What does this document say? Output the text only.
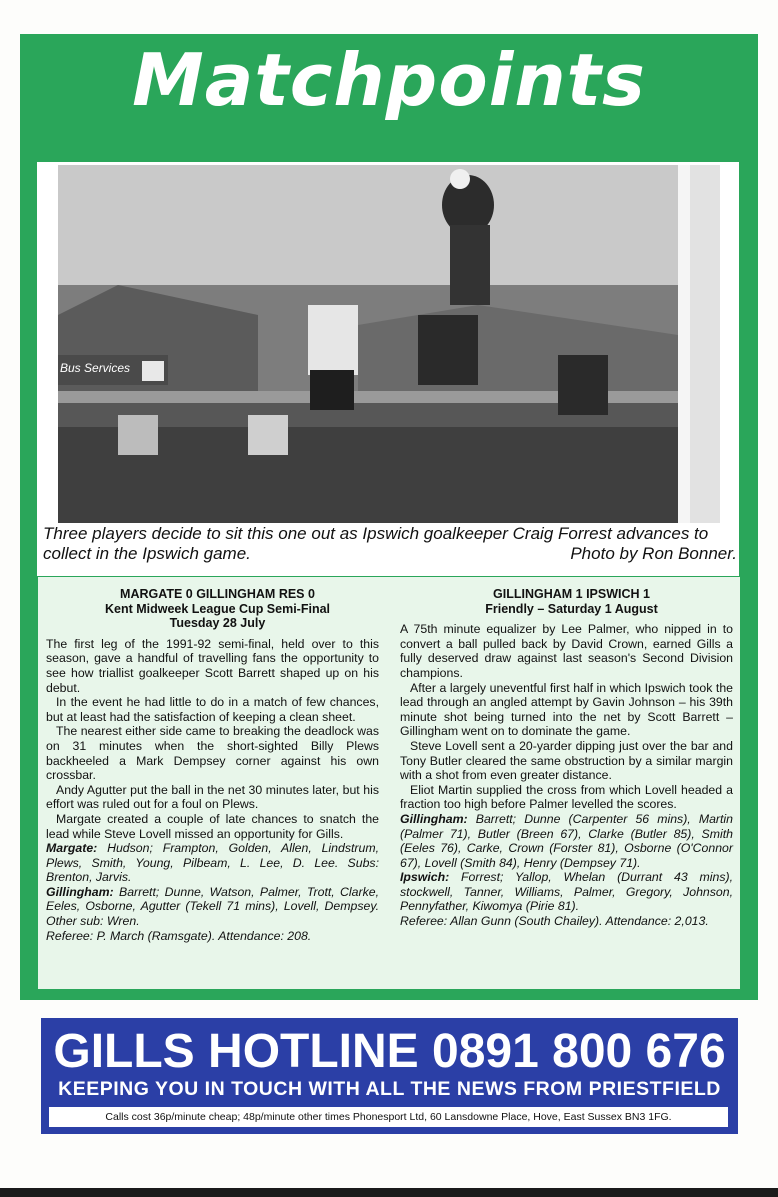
Matchpoints
Bus Services
Three players decide to sit this one out as Ipswich goalkeeper Craig Forrest advances to collect in the Ipswich game.	Photo by Ron Bonner.

MARGATE 0 GILLINGHAM RES 0

Kent Midweek League Cup Semi-Final

Tuesday 28 July

The first leg of the 1991-92 semi-final, held over to this season, gave a handful of travelling fans the opportunity to see how triallist goalkeeper Scott Barrett shaped up on his debut.

In the event he had little to do in a match of few chances, but at least had the satisfaction of keeping a clean sheet.

The nearest either side came to breaking the deadlock was on 31 minutes when the short-sighted Billy Plews backheeled a Mark Dempsey corner against his own crossbar.

Andy Agutter put the ball in the net 30 minutes later, but his effort was ruled out for a foul on Plews.

Margate created a couple of late chances to snatch the lead while Steve Lovell missed an opportunity for Gills.

Margate: Hudson; Frampton, Golden, Allen, Lindstrum, Plews, Smith, Young, Pilbeam, L. Lee, D. Lee. Subs: Brenton, Jarvis.

Gillingham: Barrett; Dunne, Watson, Palmer, Trott, Clarke, Eeles, Osborne, Agutter (Tekell 71 mins), Lovell, Dempsey. Other sub: Wren.

Referee: P. March (Ramsgate). Attendance: 208.

GILLINGHAM 1 IPSWICH 1

Friendly – Saturday 1 August

A 75th minute equalizer by Lee Palmer, who nipped in to convert a ball pulled back by David Crown, earned Gills a fully deserved draw against last season's Second Division champions.

After a largely uneventful first half in which Ipswich took the lead through an angled attempt by Gavin Johnson – his 39th minute shot being turned into the net by Scott Barrett – Gillingham went on to dominate the game.

Steve Lovell sent a 20-yarder dipping just over the bar and Tony Butler cleared the same obstruction by a similar margin with a shot from even greater distance.

Eliot Martin supplied the cross from which Lovell headed a fraction too high before Palmer levelled the scores.

Gillingham: Barrett; Dunne (Carpenter 56 mins), Martin (Palmer 71), Butler (Breen 67), Clarke (Butler 85), Smith (Eeles 76), Carke, Crown (Forster 81), Osborne (O'Connor 67), Lovell (Smith 84), Henry (Dempsey 71).

Ipswich: Forrest; Yallop, Whelan (Durrant 43 mins), stockwell, Tanner, Williams, Palmer, Gregory, Johnson, Pennyfather, Kiwomya (Pirie 81).

Referee: Allan Gunn (South Chailey). Attendance: 2,013.

GILLS HOTLINE 0891 800 676
KEEPING YOU IN TOUCH WITH ALL THE NEWS FROM PRIESTFIELD
Calls cost 36p/minute cheap; 48p/minute other times Phonesport Ltd, 60 Lansdowne Place, Hove, East Sussex BN3 1FG.
